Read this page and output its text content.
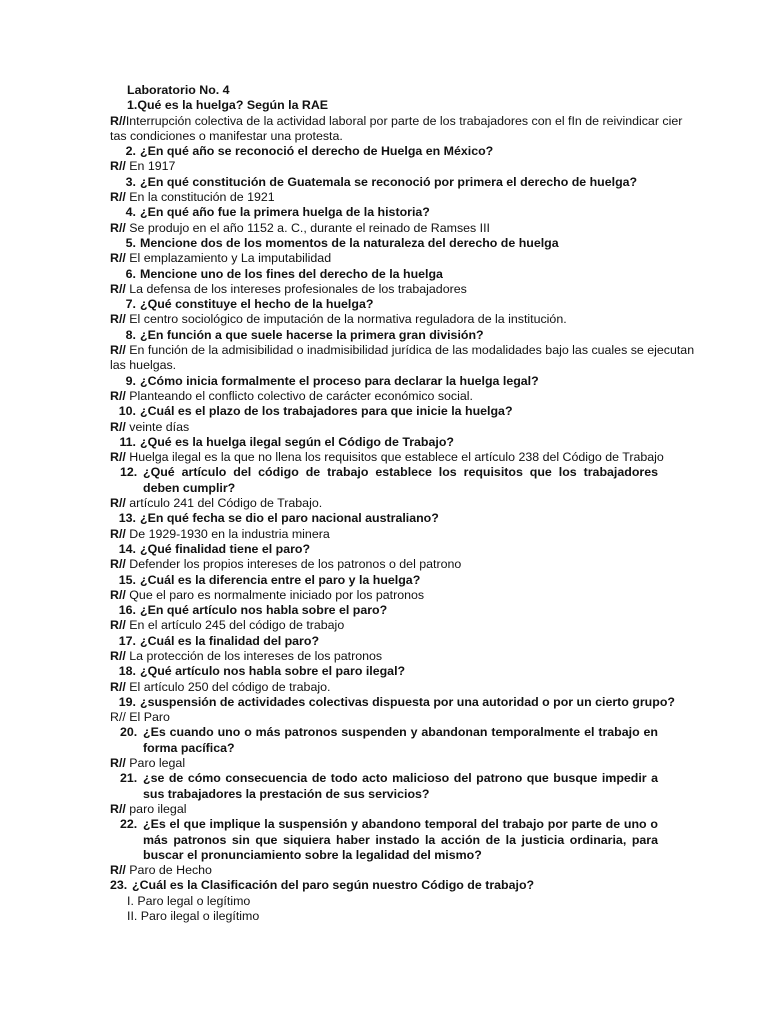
Laboratorio No. 4
1.Qué es la huelga? Según la RAE
R//Interrupción colectiva de la actividad laboral por parte de los trabajadores con el fIn de reivindicar cier
tas condiciones o manifestar una protesta.
2. ¿En qué año se reconoció el derecho de Huelga en México?
R// En 1917
3. ¿En qué constitución de Guatemala se reconoció por primera el derecho de huelga?
R// En la constitución de 1921
4. ¿En qué año fue la primera huelga de la historia?
R// Se produjo en el año 1152 a. C., durante el reinado de Ramses III
5. Mencione dos de los momentos de la naturaleza del derecho de huelga
R// El emplazamiento y La imputabilidad
6. Mencione uno de los fines del derecho de la huelga
R// La defensa de los intereses profesionales de los trabajadores
7. ¿Qué constituye el hecho de la huelga?
R// El centro sociológico de imputación de la normativa reguladora de la institución.
8. ¿En función a que suele hacerse la primera gran división?
R// En función de la admisibilidad o inadmisibilidad jurídica de las modalidades bajo las cuales se ejecutan
las huelgas.
9. ¿Cómo inicia formalmente el proceso para declarar la huelga legal?
R// Planteando el conflicto colectivo de carácter económico social.
10. ¿Cuál es el plazo de los trabajadores para que inicie la huelga?
R// veinte días
11. ¿Qué es la huelga ilegal según el Código de Trabajo?
R// Huelga ilegal es la que no llena los requisitos que establece el artículo 238 del Código de Trabajo
12. ¿Qué artículo del código de trabajo establece los requisitos que los trabajadores deben cumplir?
R// artículo 241 del Código de Trabajo.
13. ¿En qué fecha se dio el paro nacional australiano?
R// De 1929-1930 en la industria minera
14. ¿Qué finalidad tiene el paro?
R// Defender los propios intereses de los patronos o del patrono
15. ¿Cuál es la diferencia entre el paro y la huelga?
R// Que el paro es normalmente iniciado por los patronos
16. ¿En qué artículo nos habla sobre el paro?
R// En el artículo 245 del código de trabajo
17. ¿Cuál es la finalidad del paro?
R// La protección de los intereses de los patronos
18. ¿Qué artículo nos habla sobre el paro ilegal?
R// El artículo 250 del código de trabajo.
19. ¿suspensión de actividades colectivas dispuesta por una autoridad o por un cierto grupo?
R// El Paro
20. ¿Es cuando uno o más patronos suspenden y abandonan temporalmente el trabajo en forma pacífica?
R// Paro legal
21. ¿se de cómo consecuencia de todo acto malicioso del patrono que busque impedir a sus trabajadores la prestación de sus servicios?
R// paro ilegal
22. ¿Es el que implique la suspensión y abandono temporal del trabajo por parte de uno o más patronos sin que siquiera haber instado la acción de la justicia ordinaria, para buscar el pronunciamiento sobre la legalidad del mismo?
R// Paro de Hecho
23. ¿Cuál es la Clasificación del paro según nuestro Código de trabajo?
I. Paro legal o legítimo
II. Paro ilegal o ilegítimo
